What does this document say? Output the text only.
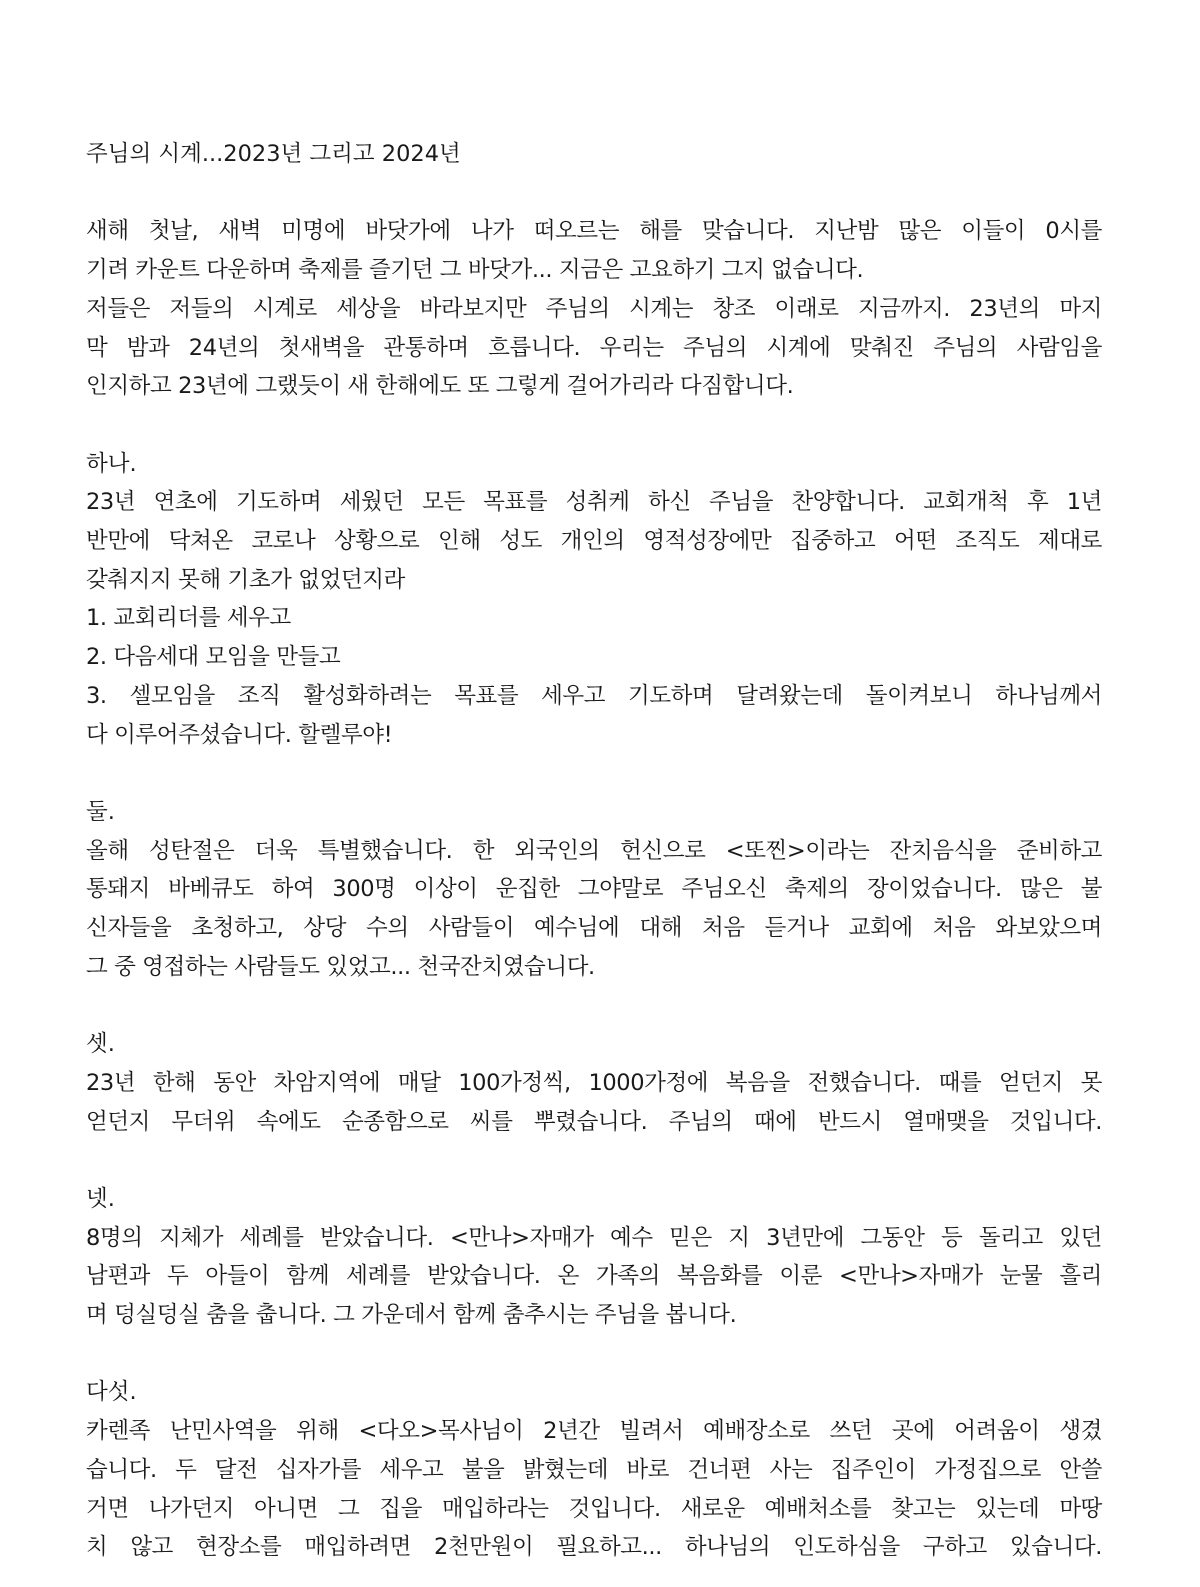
주님의 시계...2023년 그리고 2024년
새해 첫날, 새벽 미명에 바닷가에 나가 떠오르는 해를 맞습니다. 지난밤 많은 이들이 0시를
기려 카운트 다운하며 축제를 즐기던 그 바닷가... 지금은 고요하기 그지 없습니다.
저들은 저들의 시계로 세상을 바라보지만 주님의 시계는 창조 이래로 지금까지. 23년의 마지
막 밤과 24년의 첫새벽을 관통하며 흐릅니다. 우리는 주님의 시계에 맞춰진 주님의 사람임을
인지하고 23년에 그랬듯이 새 한해에도 또 그렇게 걸어가리라 다짐합니다.
하나.
23년 연초에 기도하며 세웠던 모든 목표를 성취케 하신 주님을 찬양합니다. 교회개척 후 1년
반만에 닥쳐온 코로나 상황으로 인해 성도 개인의 영적성장에만 집중하고 어떤 조직도 제대로
갖춰지지 못해 기초가 없었던지라
1. 교회리더를 세우고
2. 다음세대 모임을 만들고
3. 셀모임을 조직 활성화하려는 목표를 세우고 기도하며 달려왔는데 돌이켜보니 하나님께서
다 이루어주셨습니다. 할렐루야!
둘.
올해 성탄절은 더욱 특별했습니다. 한 외국인의 헌신으로 <또찐>이라는 잔치음식을 준비하고
통돼지 바베큐도 하여 300명 이상이 운집한 그야말로 주님오신 축제의 장이었습니다. 많은 불
신자들을 초청하고, 상당 수의 사람들이 예수님에 대해 처음 듣거나 교회에 처음 와보았으며
그 중 영접하는 사람들도 있었고... 천국잔치였습니다.
셋.
23년 한해 동안 차암지역에 매달 100가정씩, 1000가정에 복음을 전했습니다. 때를 얻던지 못
얻던지 무더위 속에도 순종함으로 씨를 뿌렸습니다. 주님의 때에 반드시 열매맺을 것입니다.
넷.
8명의 지체가 세례를 받았습니다. <만나>자매가 예수 믿은 지 3년만에 그동안 등 돌리고 있던
남편과 두 아들이 함께 세례를 받았습니다. 온 가족의 복음화를 이룬 <만나>자매가 눈물 흘리
며 덩실덩실 춤을 춥니다. 그 가운데서 함께 춤추시는 주님을 봅니다.
다섯.
카렌족 난민사역을 위해 <다오>목사님이 2년간 빌려서 예배장소로 쓰던 곳에 어려움이 생겼
습니다. 두 달전 십자가를 세우고 불을 밝혔는데 바로 건너편 사는 집주인이 가정집으로 안쓸
거면 나가던지 아니면 그 집을 매입하라는 것입니다. 새로운 예배처소를 찾고는 있는데 마땅
치 않고 현장소를 매입하려면 2천만원이 필요하고... 하나님의 인도하심을 구하고 있습니다.
